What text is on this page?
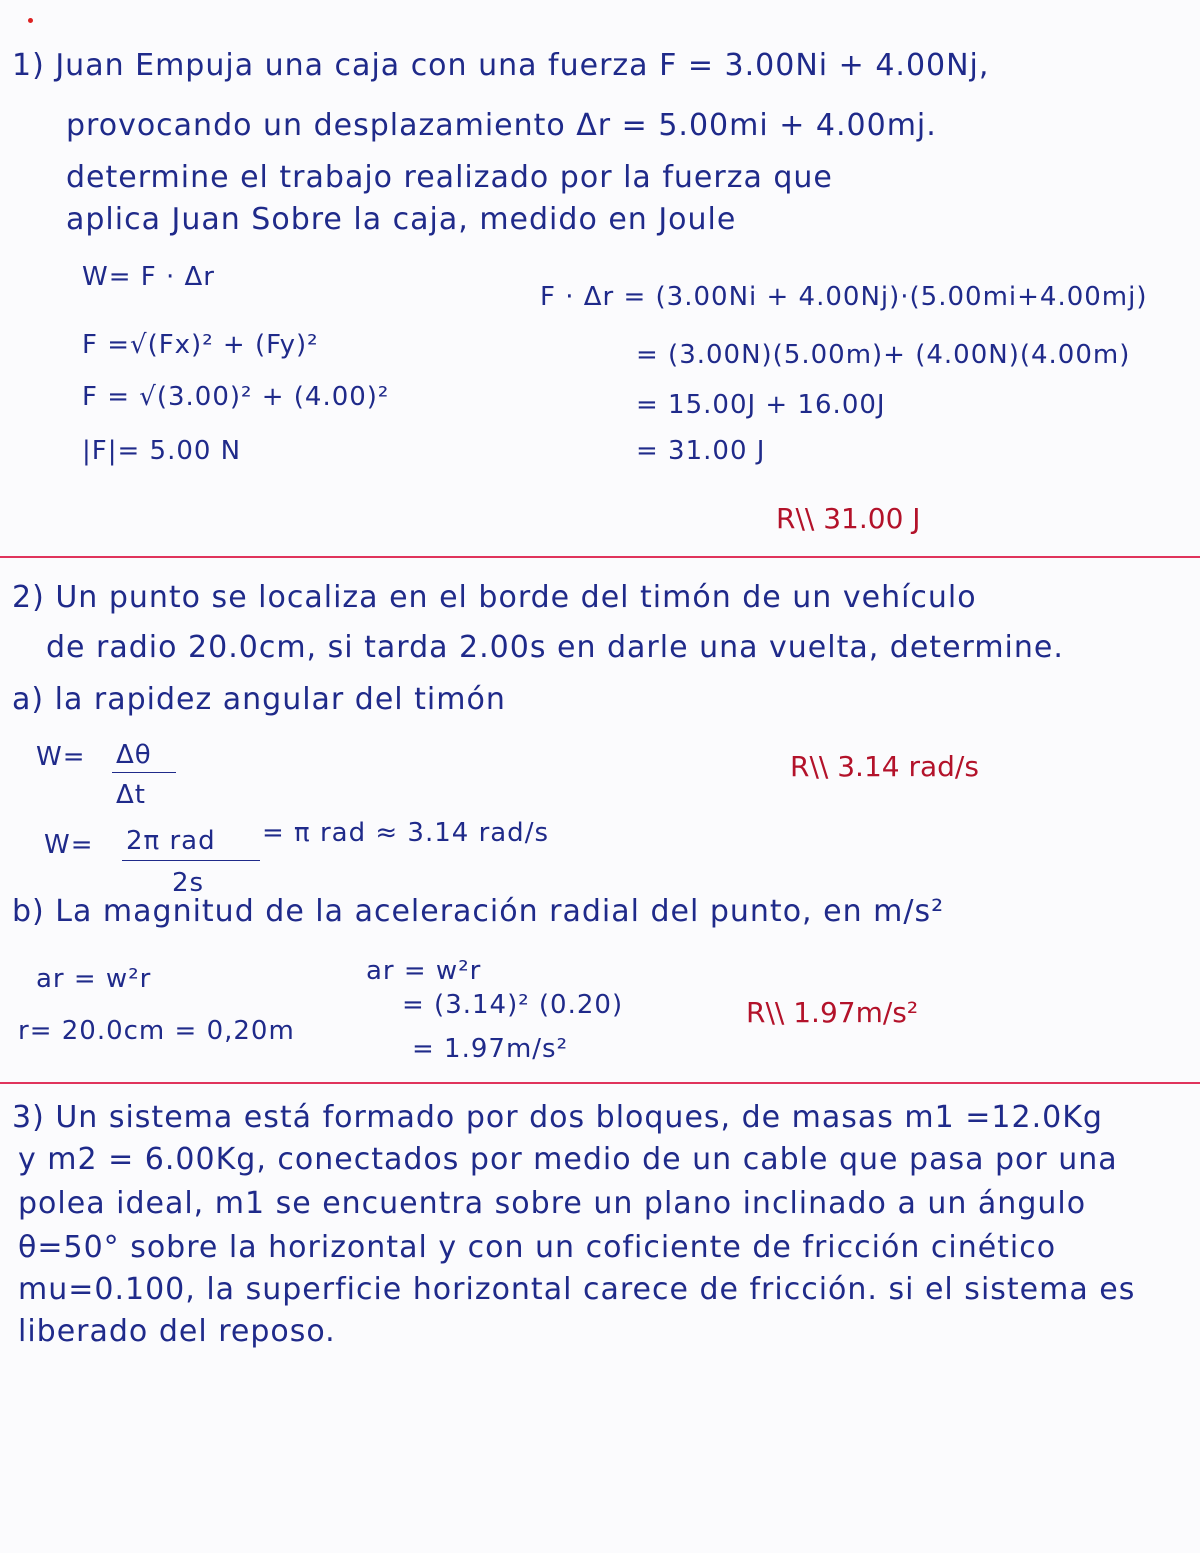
1) Juan Empuja una caja con una fuerza F = 3.00Ni + 4.00Nj,
provocando un desplazamiento Δr = 5.00mi + 4.00mj.
determine el trabajo realizado por la fuerza que
aplica Juan Sobre la caja, medido en Joule
W= F · Δr
F =√(Fx)² + (Fy)²
F = √(3.00)² + (4.00)²
|F|= 5.00 N
F · Δr = (3.00Ni + 4.00Nj)·(5.00mi+4.00mj)
= (3.00N)(5.00m)+ (4.00N)(4.00m)
= 15.00J + 16.00J
= 31.00 J
R\\ 31.00 J
2) Un punto se localiza en el borde del timón de un vehículo
de radio 20.0cm, si tarda 2.00s en darle una vuelta, determine.
a) la rapidez angular del timón
W= Δθ
Δt
W= 2π rad
2s
= π rad ≈ 3.14 rad/s
R\\ 3.14 rad/s
b) La magnitud de la aceleración radial del punto, en m/s²
ar = w²r
r= 20.0cm = 0,20m
ar = w²r
= (3.14)² (0.20)
= 1.97m/s²
R\\ 1.97m/s²
3) Un sistema está formado por dos bloques, de masas m1 =12.0Kg
y m2 = 6.00Kg, conectados por medio de un cable que pasa por una
polea ideal, m1 se encuentra sobre un plano inclinado a un ángulo
θ=50° sobre la horizontal y con un coficiente de fricción cinético
mu=0.100, la superficie horizontal carece de fricción. si el sistema es
liberado del reposo.
